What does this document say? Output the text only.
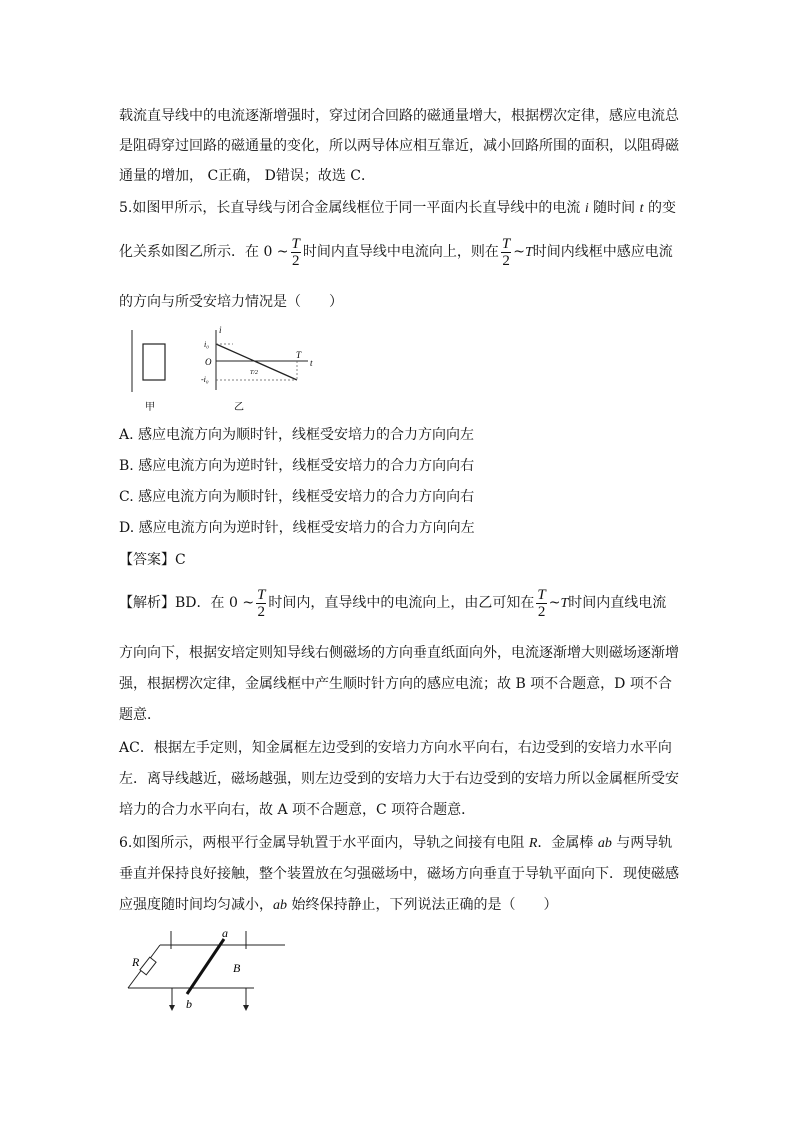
载流直导线中的电流逐渐增强时，穿过闭合回路的磁通量增大，根据楞次定律，感应电流总
是阻碍穿过回路的磁通量的变化，所以两导体应相互靠近，减小回路所围的面积，以阻碍磁
通量的增加， C正确， D错误；故选 C．
5.如图甲所示，长直导线与闭合金属线框位于同一平面内长直导线中的电流 i 随时间 t 的变
化关系如图乙所示．在 0 ~ $\frac{T}{2}$ 时间内直导线中电流向上，则在 $\frac{T}{2}$ ~T时间内线框中感应电流
的方向与所受安培力情况是（　　）
甲
i
t
O
i₀
-i₀
T
T/2
乙
A. 感应电流方向为顺时针，线框受安培力的合力方向向左
B. 感应电流方向为逆时针，线框受安培力的合力方向向右
C. 感应电流方向为顺时针，线框受安培力的合力方向向右
D. 感应电流方向为逆时针，线框受安培力的合力方向向左
【答案】C
【解析】BD．在 0 ~ $\frac{T}{2}$ 时间内，直导线中的电流向上，由乙可知在 $\frac{T}{2}$ ~T时间内直线电流
方向向下，根据安培定则知导线右侧磁场的方向垂直纸面向外，电流逐渐增大则磁场逐渐增
强，根据楞次定律，金属线框中产生顺时针方向的感应电流；故 B 项不合题意，D 项不合
题意．
AC．根据左手定则，知金属框左边受到的安培力方向水平向右，右边受到的安培力水平向
左．离导线越近，磁场越强，则左边受到的安培力大于右边受到的安培力所以金属框所受安
培力的合力水平向右，故 A 项不合题意，C 项符合题意．
6.如图所示，两根平行金属导轨置于水平面内，导轨之间接有电阻 R．金属棒 ab 与两导轨
垂直并保持良好接触，整个装置放在匀强磁场中，磁场方向垂直于导轨平面向下．现使磁感
应强度随时间均匀减小，ab 始终保持静止，下列说法正确的是（　　）
R
a
B
b
